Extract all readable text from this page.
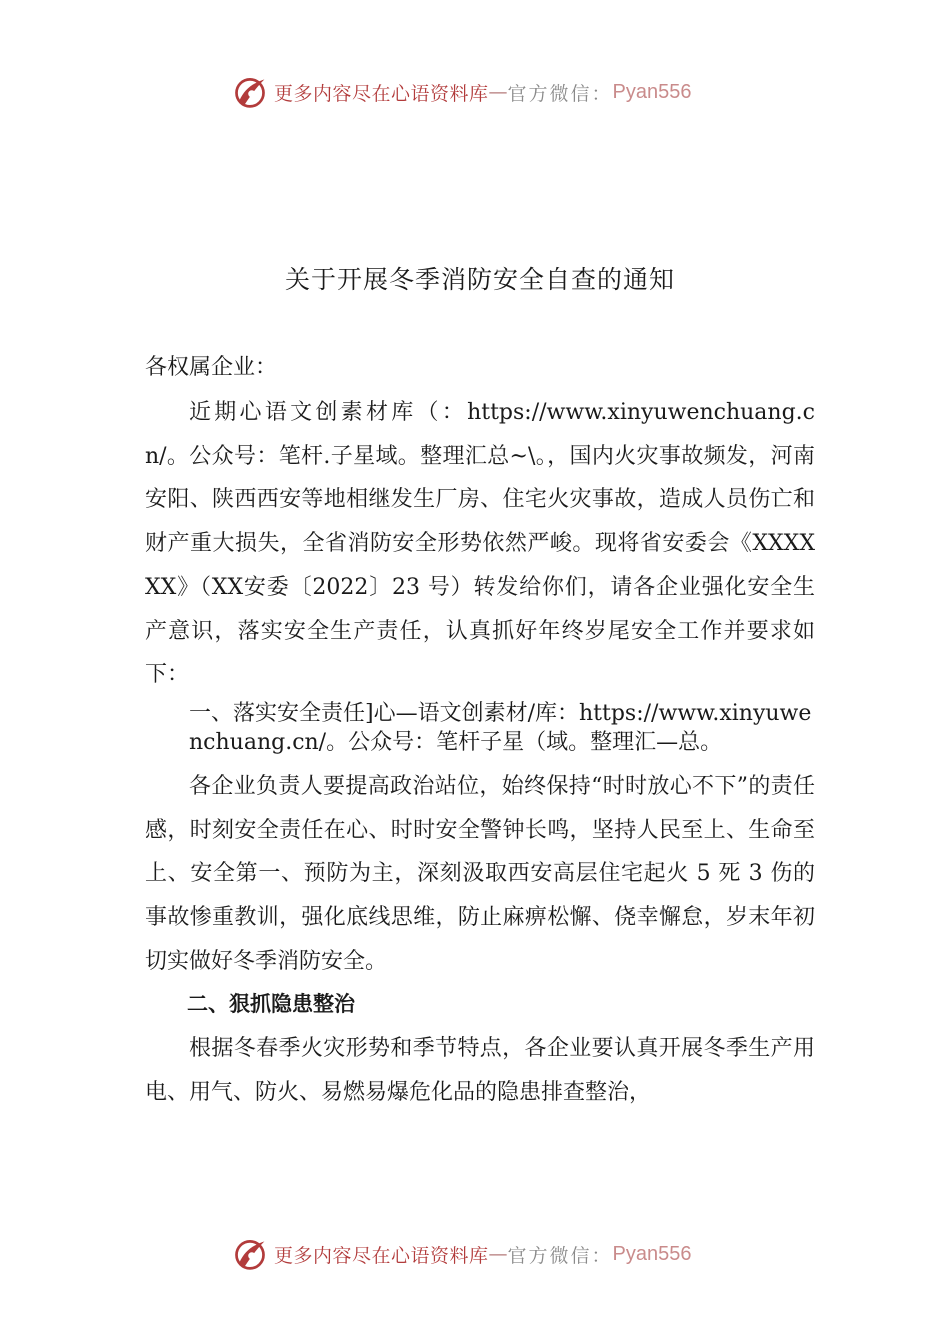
更多内容尽在心语资料库 — 官方微信： Pyan556
关于开展冬季消防安全自查的通知

各权属企业：

近期心语文创素材库（：https://www.xinyuwenchuang.cn/。公众号：笔杆.子星域。整理汇总~\。，国内火灾事故频发，河南安阳、陕西西安等地相继发生厂房、住宅火灾事故，造成人员伤亡和财产重大损失，全省消防安全形势依然严峻。现将省安委会《XXXXXX》（XX安委〔2022〕23 号）转发给你们，请各企业强化安全生产意识，落实安全生产责任，认真抓好年终岁尾安全工作并要求如下：

一、落实安全责任]心—语文创素材/库：https://www.xinyuwenchuang.cn/。公众号：笔杆子星（域。整理汇—总。

各企业负责人要提高政治站位，始终保持“时时放心不下”的责任感，时刻安全责任在心、时时安全警钟长鸣，坚持人民至上、生命至上、安全第一、预防为主，深刻汲取西安高层住宅起火 5 死 3 伤的事故惨重教训，强化底线思维，防止麻痹松懈、侥幸懈怠，岁末年初切实做好冬季消防安全。

二、狠抓隐患整治

根据冬春季火灾形势和季节特点，各企业要认真开展冬季生产用电、用气、防火、易燃易爆危化品的隐患排查整治，

更多内容尽在心语资料库 — 官方微信： Pyan556
